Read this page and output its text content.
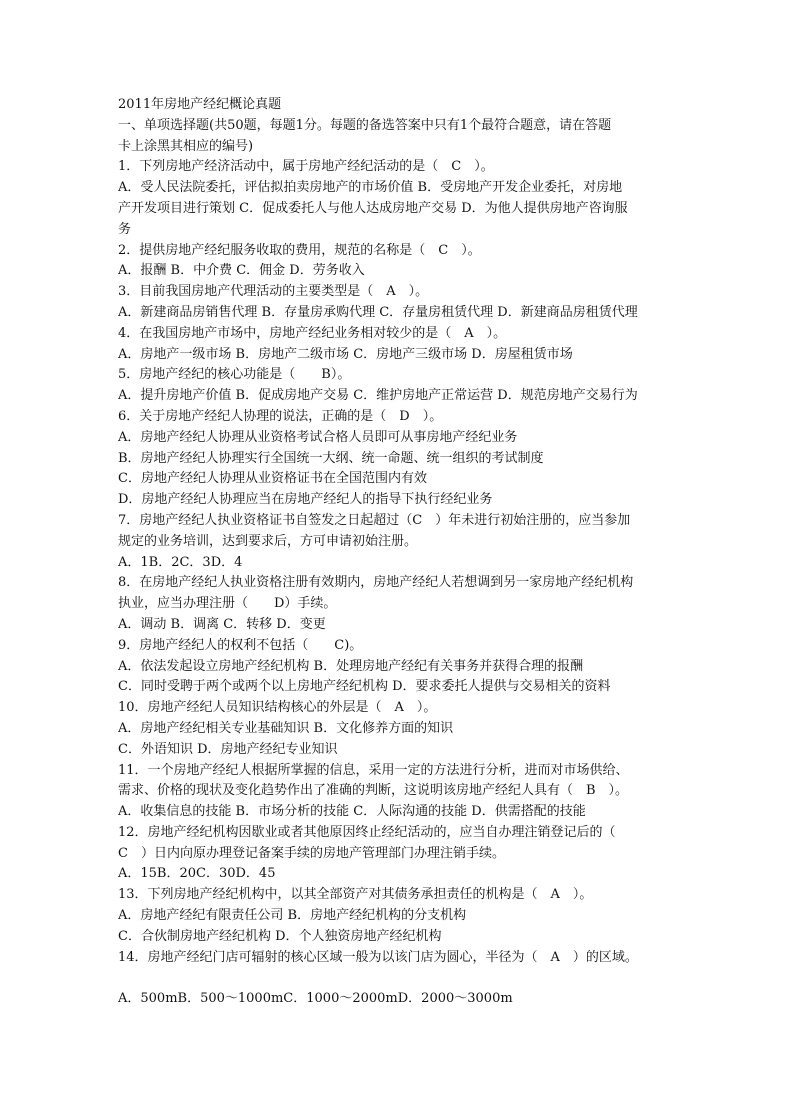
2011年房地产经纪概论真题
一、单项选择题(共50题，每题1分。每题的备选答案中只有1个最符合题意，请在答题
卡上涂黑其相应的编号)
1．下列房地产经济活动中，属于房地产经纪活动的是（　C　）。
A．受人民法院委托，评估拟拍卖房地产的市场价值 B．受房地产开发企业委托，对房地
产开发项目进行策划 C．促成委托人与他人达成房地产交易 D．为他人提供房地产咨询服
务
2．提供房地产经纪服务收取的费用，规范的名称是（　C　）。
A．报酬 B．中介费 C．佣金 D．劳务收入
3．目前我国房地产代理活动的主要类型是（　A　）。
A．新建商品房销售代理 B．存量房承购代理 C．存量房租赁代理 D．新建商品房租赁代理
4．在我国房地产市场中，房地产经纪业务相对较少的是（　A　）。
A．房地产一级市场 B．房地产二级市场 C．房地产三级市场 D．房屋租赁市场
5．房地产经纪的核心功能是（　　B）。
A．提升房地产价值 B．促成房地产交易 C．维护房地产正常运营 D．规范房地产交易行为
6．关于房地产经纪人协理的说法，正确的是（　D　）。
A．房地产经纪人协理从业资格考试合格人员即可从事房地产经纪业务
B．房地产经纪人协理实行全国统一大纲、统一命题、统一组织的考试制度
C．房地产经纪人协理从业资格证书在全国范围内有效
D．房地产经纪人协理应当在房地产经纪人的指导下执行经纪业务
7．房地产经纪人执业资格证书自签发之日起超过（C　）年未进行初始注册的，应当参加
规定的业务培训，达到要求后，方可申请初始注册。
A．1B．2C．3D．4
8．在房地产经纪人执业资格注册有效期内，房地产经纪人若想调到另一家房地产经纪机构
执业，应当办理注册（　　D）手续。
A．调动 B．调离 C．转移 D．变更
9．房地产经纪人的权利不包括（　　C)。
A．依法发起设立房地产经纪机构 B．处理房地产经纪有关事务并获得合理的报酬
C．同时受聘于两个或两个以上房地产经纪机构 D．要求委托人提供与交易相关的资料
10．房地产经纪人员知识结构核心的外层是（　A　）。
A．房地产经纪相关专业基础知识 B．文化修养方面的知识
C．外语知识 D．房地产经纪专业知识
11．一个房地产经纪人根据所掌握的信息，采用一定的方法进行分析，进而对市场供给、
需求、价格的现状及变化趋势作出了准确的判断，这说明该房地产经纪人具有（　B　）。
A．收集信息的技能 B．市场分析的技能 C．人际沟通的技能 D．供需搭配的技能
12．房地产经纪机构因歇业或者其他原因终止经纪活动的，应当自办理注销登记后的（
C　）日内向原办理登记备案手续的房地产管理部门办理注销手续。
A．15B．20C．30D．45
13．下列房地产经纪机构中，以其全部资产对其债务承担责任的机构是（　A　）。
A．房地产经纪有限责任公司 B．房地产经纪机构的分支机构
C．合伙制房地产经纪机构 D．个人独资房地产经纪机构
14．房地产经纪门店可辐射的核心区域一般为以该门店为圆心，半径为（　A　）的区域。
A．500mB．500～1000mC．1000～2000mD．2000～3000m
